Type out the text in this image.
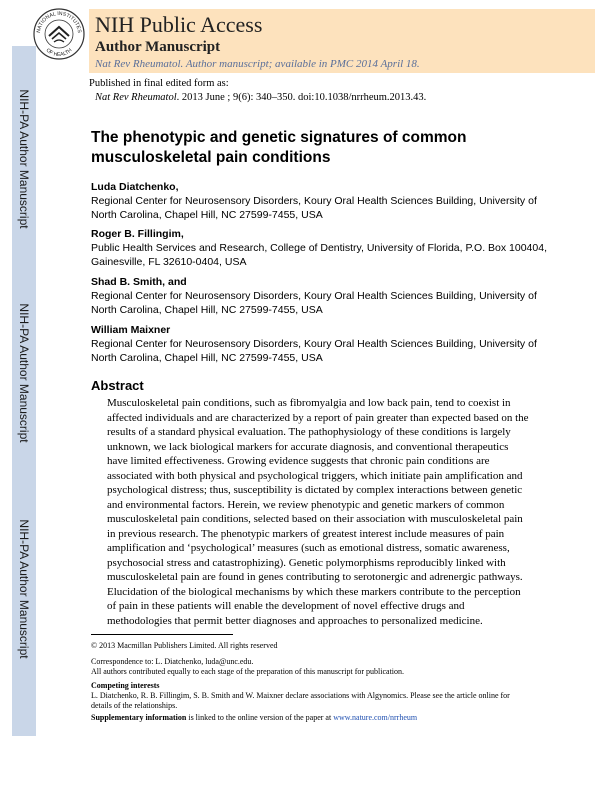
NIH-PA Author Manuscript
NIH-PA Author Manuscript
NIH-PA Author Manuscript
NATIONAL INSTITUTES
OF HEALTH
NIH Public Access
Author Manuscript
Nat Rev Rheumatol. Author manuscript; available in PMC 2014 April 18.
Published in final edited form as:
Nat Rev Rheumatol. 2013 June ; 9(6): 340–350. doi:10.1038/nrrheum.2013.43.
The phenotypic and genetic signatures of common musculoskeletal pain conditions
Luda Diatchenko,
Regional Center for Neurosensory Disorders, Koury Oral Health Sciences Building, University of North Carolina, Chapel Hill, NC 27599-7455, USA
Roger B. Fillingim,
Public Health Services and Research, College of Dentistry, University of Florida, P.O. Box 100404, Gainesville, FL 32610-0404, USA
Shad B. Smith, and
Regional Center for Neurosensory Disorders, Koury Oral Health Sciences Building, University of North Carolina, Chapel Hill, NC 27599-7455, USA
William Maixner
Regional Center for Neurosensory Disorders, Koury Oral Health Sciences Building, University of North Carolina, Chapel Hill, NC 27599-7455, USA
Abstract
Musculoskeletal pain conditions, such as fibromyalgia and low back pain, tend to coexist in affected individuals and are characterized by a report of pain greater than expected based on the results of a standard physical evaluation. The pathophysiology of these conditions is largely unknown, we lack biological markers for accurate diagnosis, and conventional therapeutics have limited effectiveness. Growing evidence suggests that chronic pain conditions are associated with both physical and psychological triggers, which initiate pain amplification and psychological distress; thus, susceptibility is dictated by complex interactions between genetic and environmental factors. Herein, we review phenotypic and genetic markers of common musculoskeletal pain conditions, selected based on their association with musculoskeletal pain in previous research. The phenotypic markers of greatest interest include measures of pain amplification and ‘psychological’ measures (such as emotional distress, somatic awareness, psychosocial stress and catastrophizing). Genetic polymorphisms reproducibly linked with musculoskeletal pain are found in genes contributing to serotonergic and adrenergic pathways. Elucidation of the biological mechanisms by which these markers contribute to the perception of pain in these patients will enable the development of novel effective drugs and methodologies that permit better diagnoses and approaches to personalized medicine.
© 2013 Macmillan Publishers Limited. All rights reserved
Correspondence to: L. Diatchenko, luda@unc.edu.
All authors contributed equally to each stage of the preparation of this manuscript for publication.
Competing interests
L. Diatchenko, R. B. Fillingim, S. B. Smith and W. Maixner declare associations with Algynomics. Please see the article online for details of the relationships.
Supplementary information is linked to the online version of the paper at www.nature.com/nrrheum
